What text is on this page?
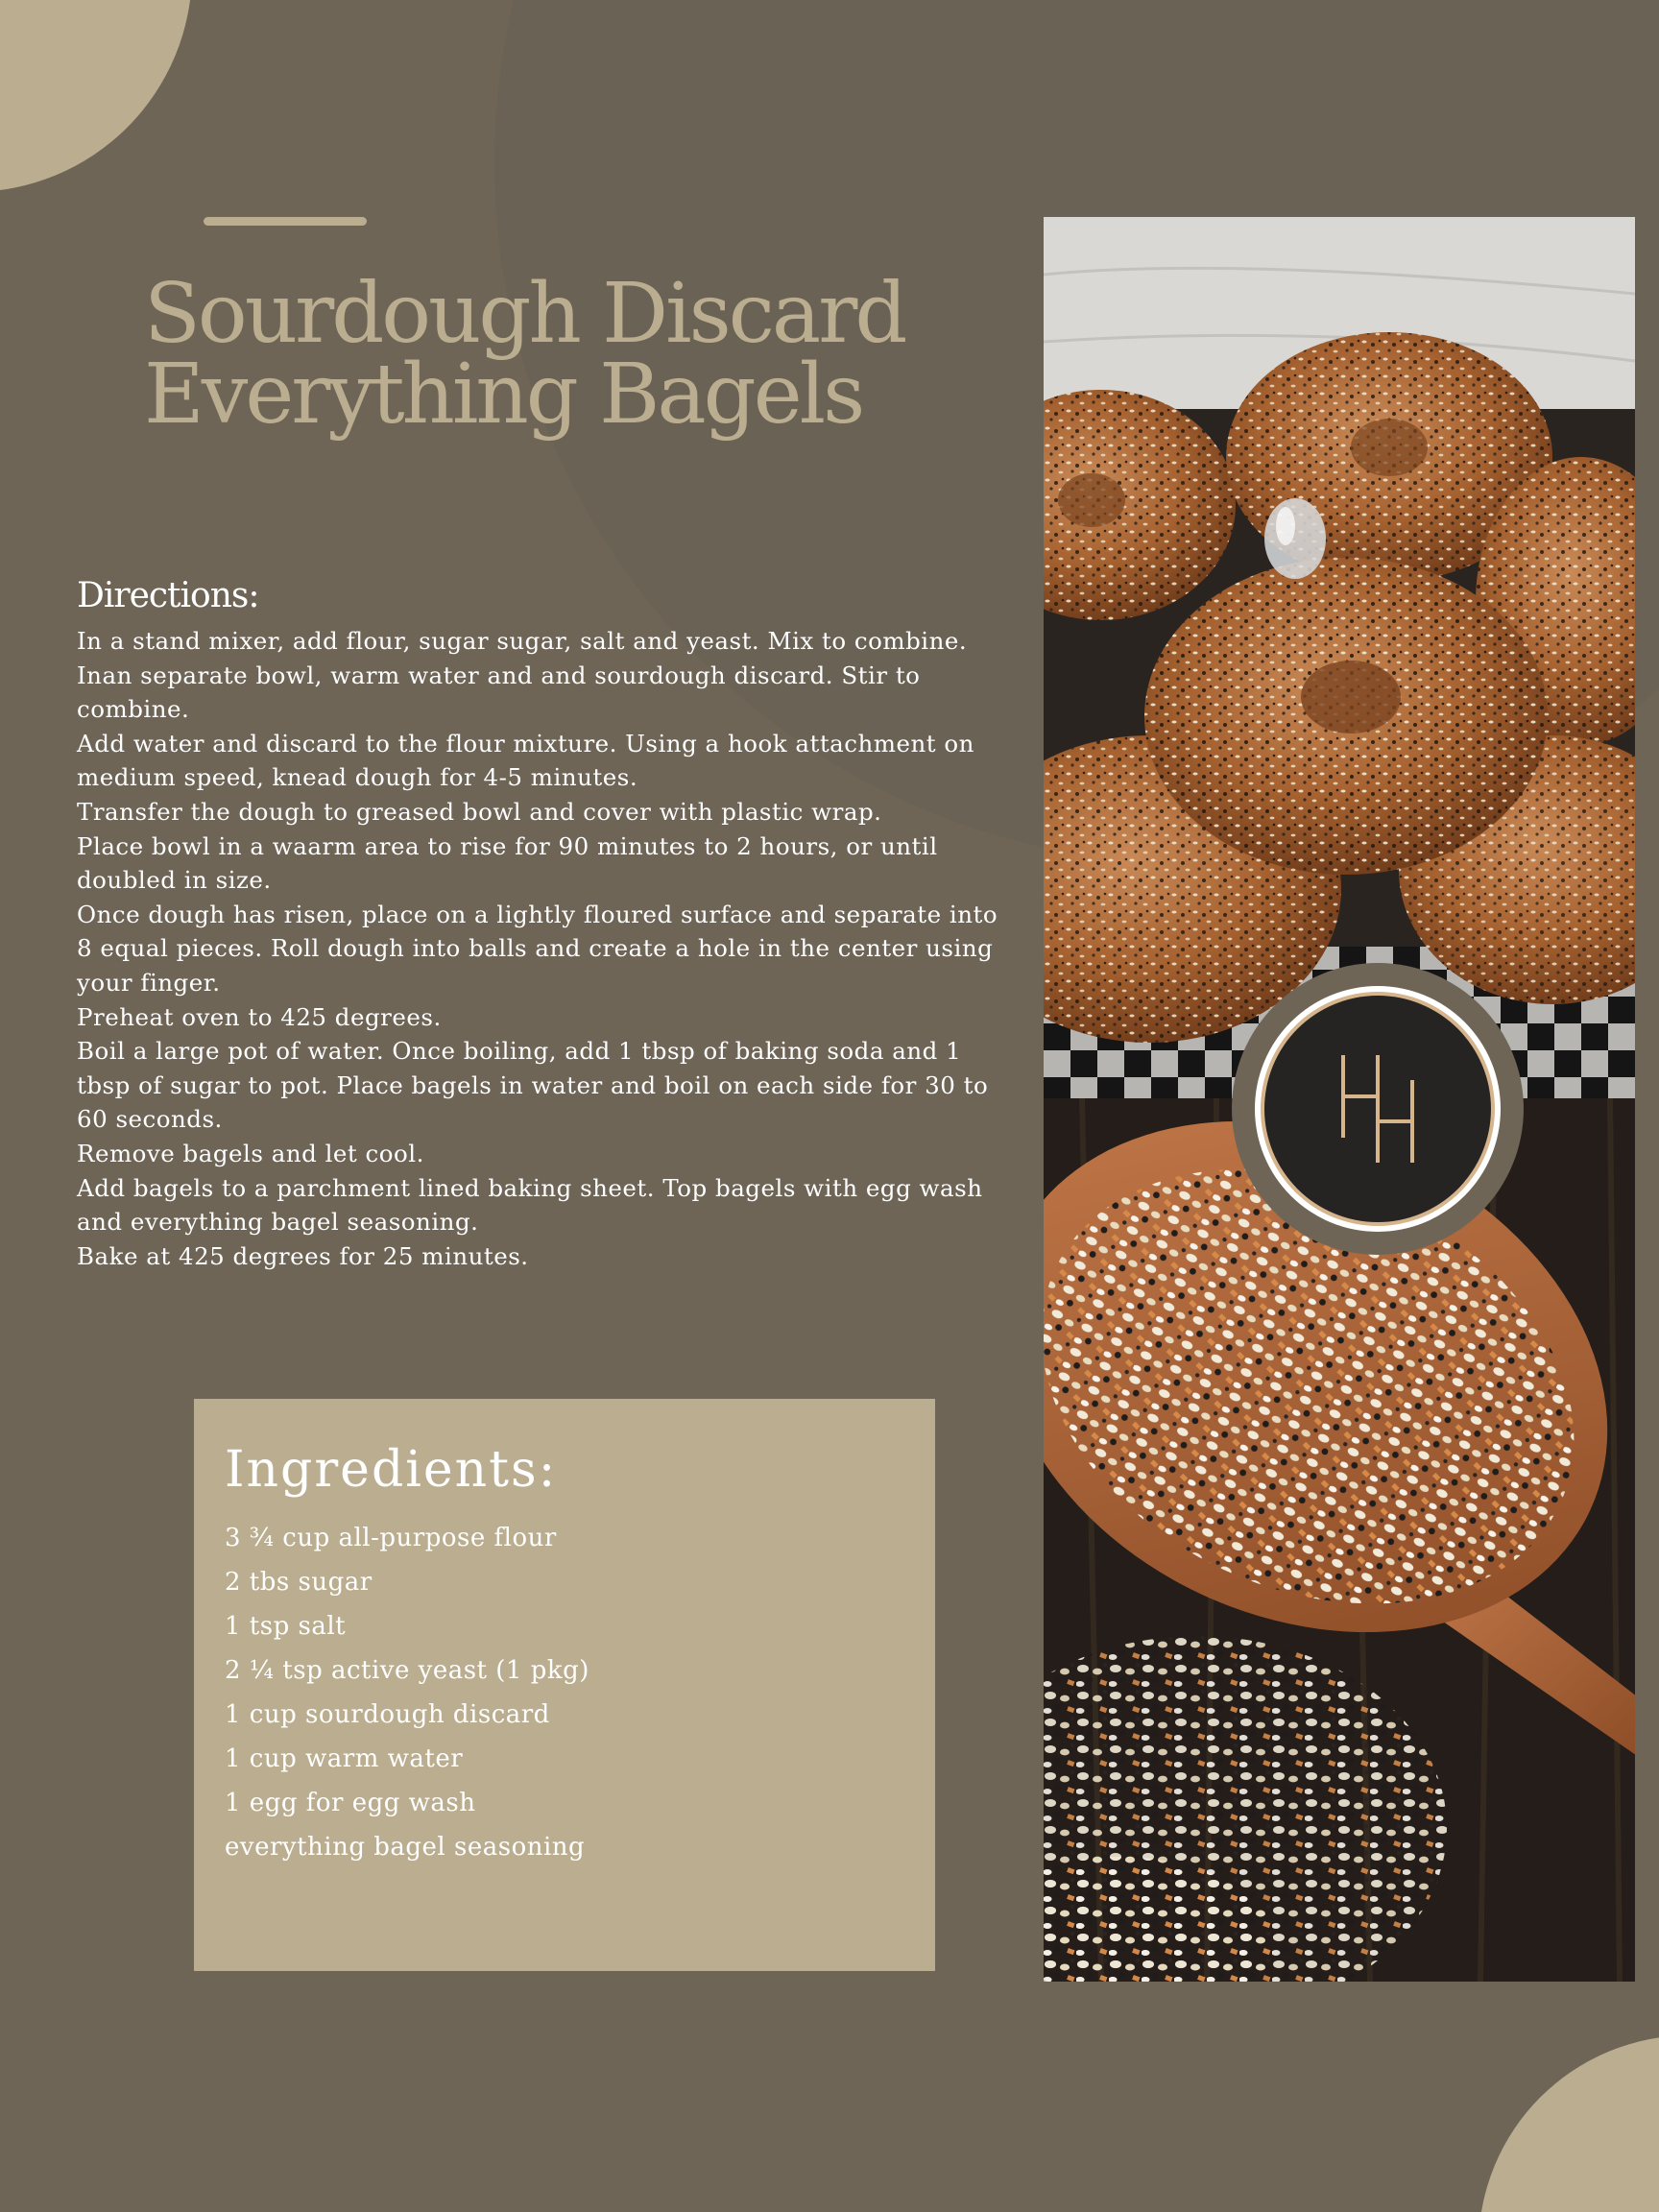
Sourdough Discard Everything Bagels
Directions:
In a stand mixer, add flour, sugar sugar, salt and yeast. Mix to combine.
Inan separate bowl, warm water and and sourdough discard. Stir to combine.
Add water and discard to the flour mixture. Using a hook attachment on medium speed, knead dough for 4-5 minutes.
Transfer the dough to greased bowl and cover with plastic wrap.
Place bowl in a waarm area to rise for 90 minutes to 2 hours, or until doubled in size.
Once dough has risen, place on a lightly floured surface and separate into 8 equal pieces. Roll dough into balls and create a hole in the center using your finger.
Preheat oven to 425 degrees.
Boil a large pot of water. Once boiling, add 1 tbsp of baking soda and 1 tbsp of sugar to pot. Place bagels in water and boil on each side for 30 to 60 seconds.
Remove bagels and let cool.
Add bagels to a parchment lined baking sheet. Top bagels with egg wash and everything bagel seasoning.
Bake at 425 degrees for 25 minutes.
Ingredients:
3 ¾ cup all-purpose flour
2 tbs sugar
1 tsp salt
2 ¼ tsp active yeast (1 pkg)
1 cup sourdough discard
1 cup warm water
1 egg for egg wash
everything bagel seasoning
